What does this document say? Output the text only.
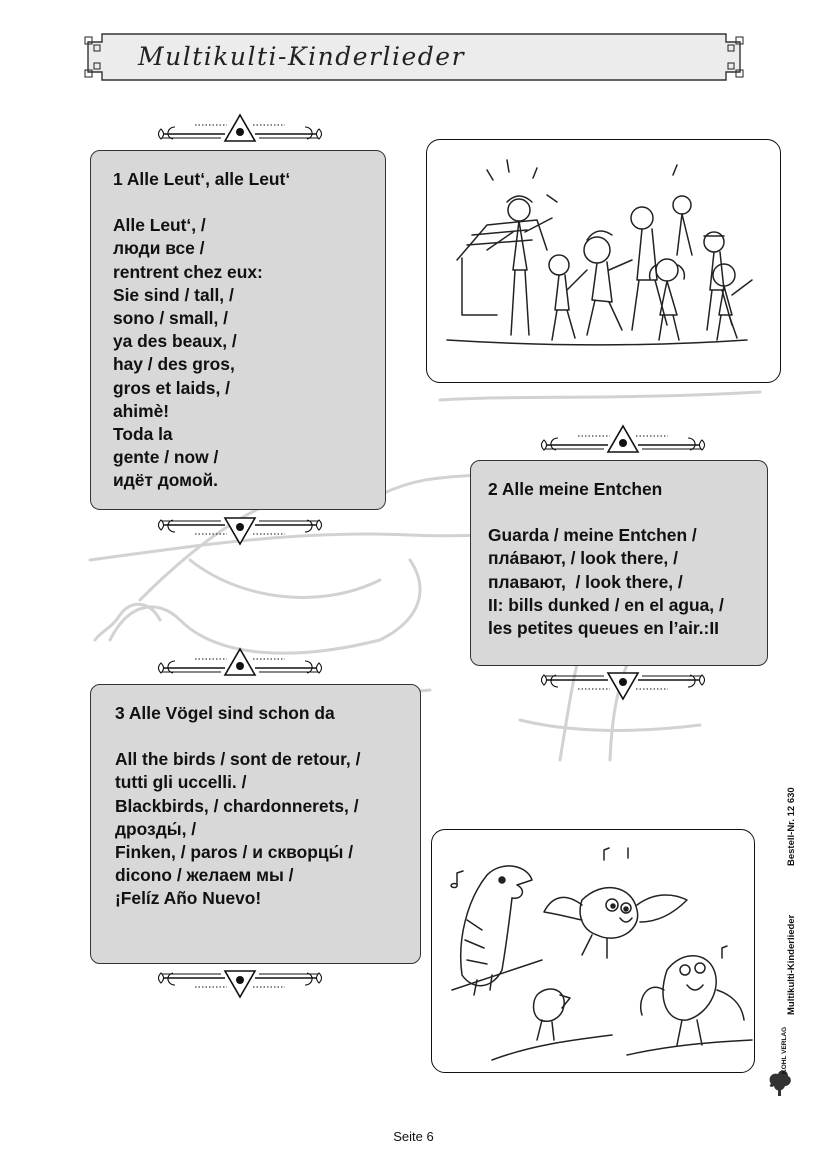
Multikulti-Kinderlieder
1 Alle Leut‘, alle Leut‘
Alle Leut‘, /
люди все /
rentrent chez eux:
Sie sind / tall, /
sono / small, /
ya des beaux, /
hay / des gros,
gros et laids, /
ahimè!
Toda la
gente / now /
идёт домой.	2 Alle meine Entchen
Guarda / meine Entchen /
пла́вают, / look there, /
плавают,  / look there, /
II: bills dunked / en el agua, /
les petites queues en l’air.:II
3 Alle Vögel sind schon da
All the birds / sont de retour, /
tutti gli uccelli. /
Blackbirds, / chardonnerets, /
дрозды́, /
Finken, / paros / и скворцы́ /
dicono / желаем мы /
¡Felíz Año Nuevo!
Bestell-Nr. 12 630
Multikulti-Kinderlieder
KOHL VERLAG
Seite 6
